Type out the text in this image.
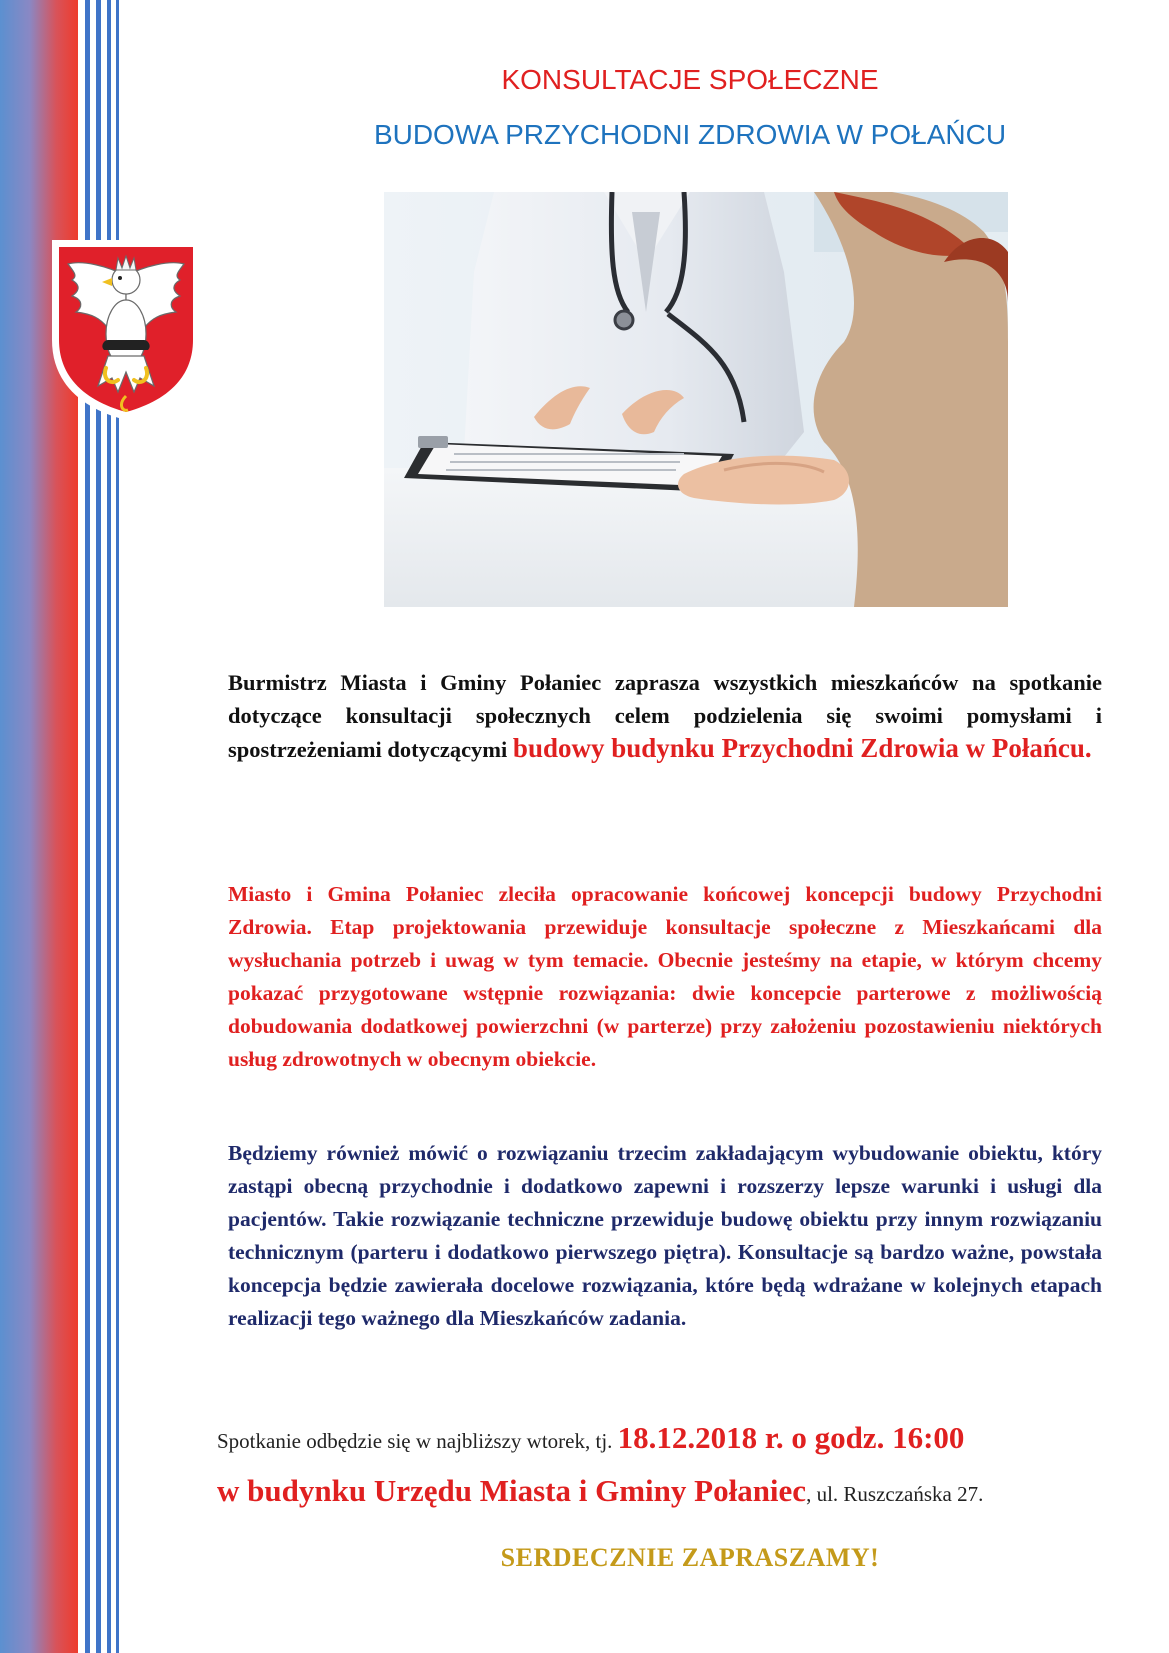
KONSULTACJE SPOŁECZNE
BUDOWA PRZYCHODNI ZDROWIA W POŁAŃCU

Burmistrz Miasta i Gminy Połaniec zaprasza wszystkich mieszkańców na spotkanie dotyczące konsultacji społecznych celem podzielenia się swoimi pomysłami i spostrzeżeniami dotyczącymi budowy budynku Przychodni Zdrowia w Połańcu.

Miasto i Gmina Połaniec zleciła opracowanie końcowej koncepcji budowy Przychodni Zdrowia. Etap projektowania przewiduje konsultacje społeczne z Mieszkańcami dla wysłuchania potrzeb i uwag w tym temacie. Obecnie jesteśmy na etapie, w którym chcemy pokazać przygotowane wstępnie rozwiązania: dwie koncepcie parterowe z możliwością dobudowania dodatkowej powierzchni (w parterze) przy założeniu pozostawieniu niektórych usług zdrowotnych w obecnym obiekcie.

Będziemy również mówić o rozwiązaniu trzecim zakładającym wybudowanie obiektu, który zastąpi obecną przychodnie i dodatkowo zapewni i rozszerzy lepsze warunki i usługi dla pacjentów. Takie rozwiązanie techniczne przewiduje budowę obiektu przy innym rozwiązaniu technicznym (parteru i dodatkowo pierwszego piętra). Konsultacje są bardzo ważne, powstała koncepcja będzie zawierała docelowe rozwiązania, które będą wdrażane w kolejnych etapach realizacji tego ważnego dla Mieszkańców zadania.

Spotkanie odbędzie się w najbliższy wtorek, tj. 18.12.2018 r. o godz. 16:00
w budynku Urzędu Miasta i Gminy Połaniec, ul. Ruszczańska 27.

SERDECZNIE ZAPRASZAMY!
